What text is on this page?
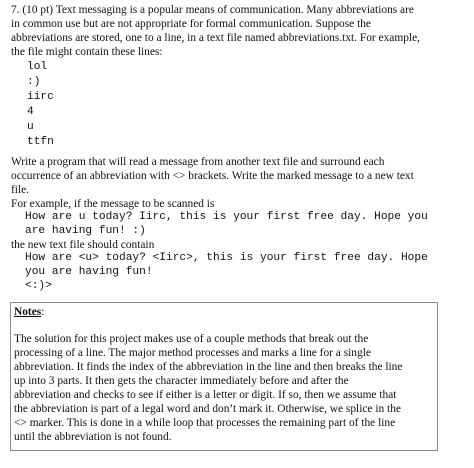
7. (10 pt) Text messaging is a popular means of communication. Many abbreviations are

in common use but are not appropriate for formal communication. Suppose the

abbreviations are stored, one to a line, in a text file named abbreviations.txt. For example,

the file might contain these lines:

lol

:)

iirc

4

u

ttfn

Write a program that will read a message from another text file and surround each

occurrence of an abbreviation with <> brackets. Write the marked message to a new text

file.

For example, if the message to be scanned is

How are u today? Iirc, this is your first free day. Hope you

are having fun! :)

the new text file should contain

How are <u> today? <Iirc>, this is your first free day. Hope

you are having fun!

<:)>

Notes:

The solution for this project makes use of a couple methods that break out the

processing of a line. The major method processes and marks a line for a single

abbreviation. It finds the index of the abbreviation in the line and then breaks the line

up into 3 parts. It then gets the character immediately before and after the

abbreviation and checks to see if either is a letter or digit. If so, then we assume that

the abbreviation is part of a legal word and don’t mark it. Otherwise, we splice in the

<> marker. This is done in a while loop that processes the remaining part of the line

until the abbreviation is not found.
